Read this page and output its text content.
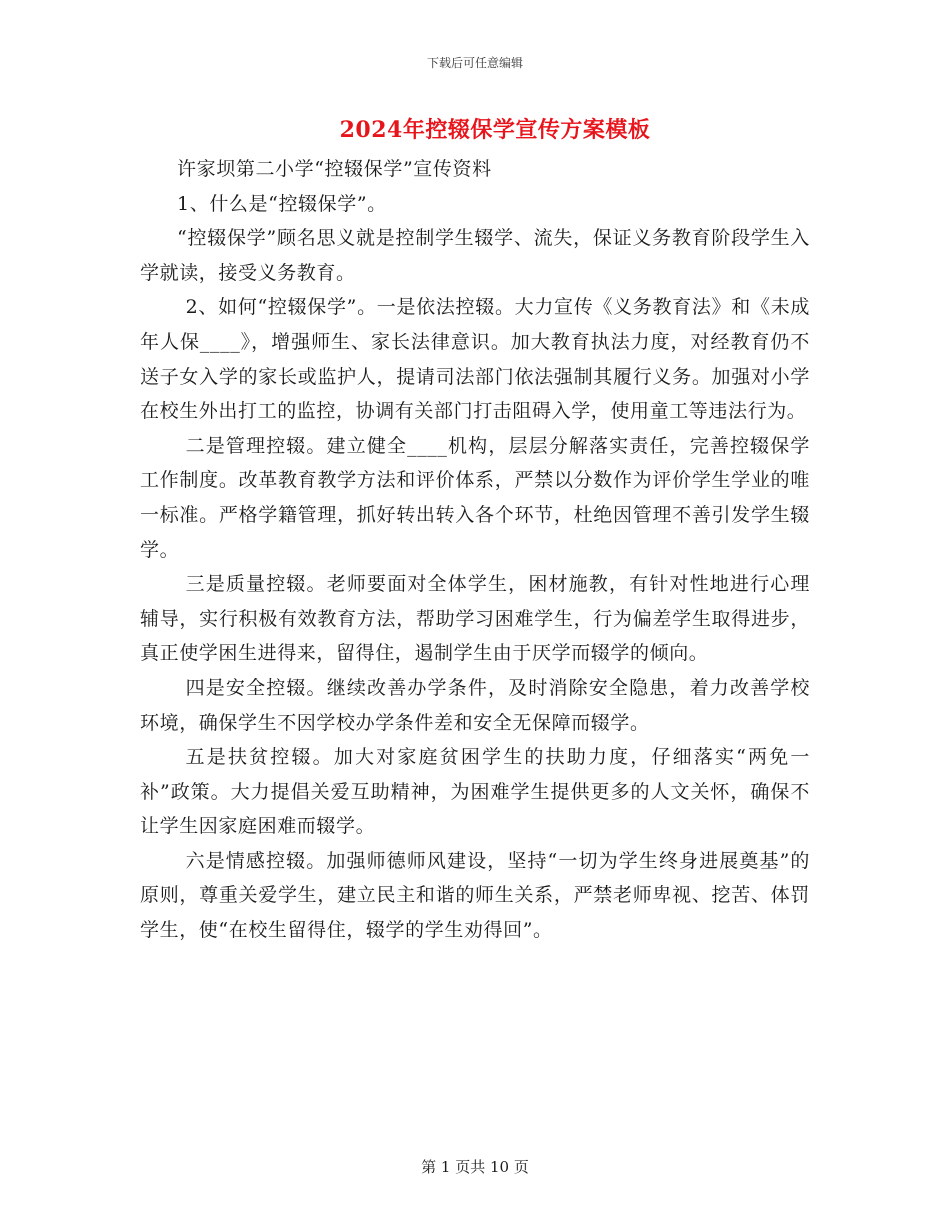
下载后可任意编辑
2024年控辍保学宣传方案模板

许家坝第二小学“控辍保学”宣传资料

1、什么是“控辍保学”。

“控辍保学”顾名思义就是控制学生辍学、流失，保证义务教育阶段学生入学就读，接受义务教育。

2、如何“控辍保学”。一是依法控辍。大力宣传《义务教育法》和《未成年人保____》，增强师生、家长法律意识。加大教育执法力度，对经教育仍不送子女入学的家长或监护人，提请司法部门依法强制其履行义务。加强对小学在校生外出打工的监控，协调有关部门打击阻碍入学，使用童工等违法行为。

二是管理控辍。建立健全____机构，层层分解落实责任，完善控辍保学工作制度。改革教育教学方法和评价体系，严禁以分数作为评价学生学业的唯一标准。严格学籍管理，抓好转出转入各个环节，杜绝因管理不善引发学生辍学。

三是质量控辍。老师要面对全体学生，困材施教，有针对性地进行心理辅导，实行积极有效教育方法，帮助学习困难学生，行为偏差学生取得进步，真正使学困生进得来，留得住，遏制学生由于厌学而辍学的倾向。

四是安全控辍。继续改善办学条件，及时消除安全隐患，着力改善学校环境，确保学生不因学校办学条件差和安全无保障而辍学。

五是扶贫控辍。加大对家庭贫困学生的扶助力度，仔细落实“两免一补”政策。大力提倡关爱互助精神，为困难学生提供更多的人文关怀，确保不让学生因家庭困难而辍学。

六是情感控辍。加强师德师风建设，坚持“一切为学生终身进展奠基”的原则，尊重关爱学生，建立民主和谐的师生关系，严禁老师卑视、挖苦、体罚学生，使“在校生留得住，辍学的学生劝得回”。

第 1 页共 10 页
